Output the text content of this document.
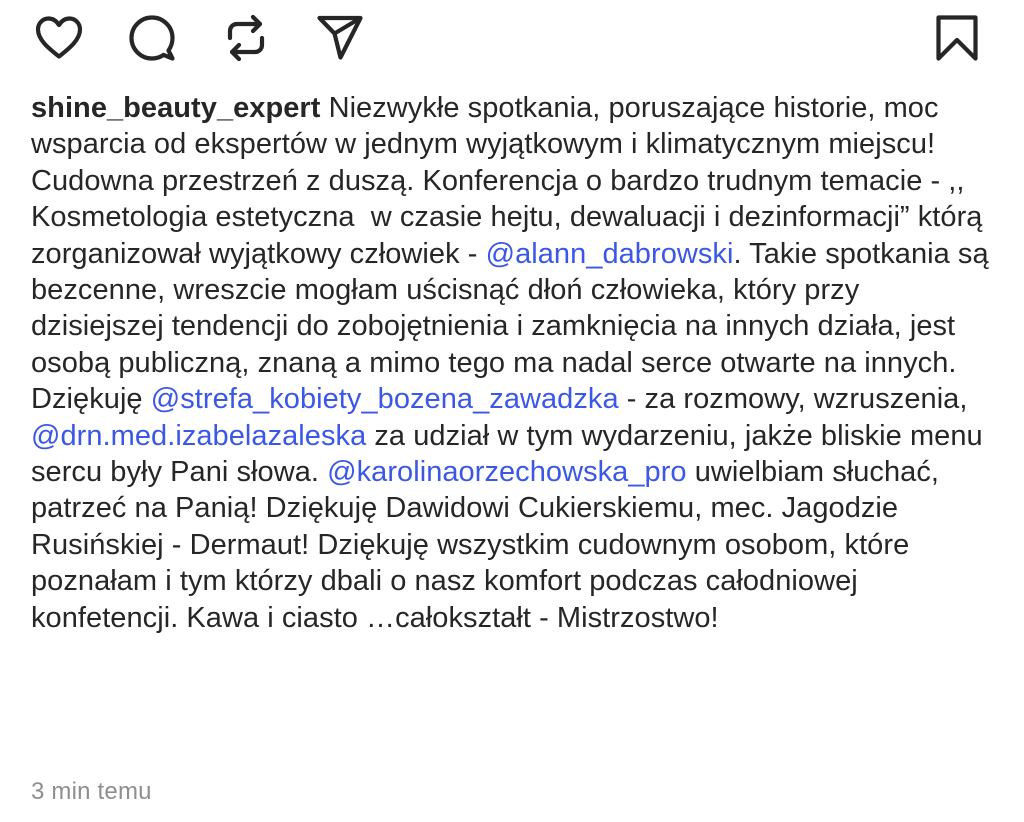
shine_beauty_expert Niezwykłe spotkania, poruszające historie, moc wsparcia od ekspertów w jednym wyjątkowym i klimatycznym miejscu! Cudowna przestrzeń z duszą. Konferencja o bardzo trudnym temacie - ,, Kosmetologia estetyczna  w czasie hejtu, dewaluacji i dezinformacji” którą zorganizował wyjątkowy człowiek - @alann_dabrowski. Takie spotkania są bezcenne, wreszcie mogłam uścisnąć dłoń człowieka, który przy dzisiejszej tendencji do zobojętnienia i zamknięcia na innych działa, jest osobą publiczną, znaną a mimo tego ma nadal serce otwarte na innych. Dziękuję @strefa_kobiety_bozena_zawadzka - za rozmowy, wzruszenia, @drn.med.izabelazaleska za udział w tym wydarzeniu, jakże bliskie menu sercu były Pani słowa. @karolinaorzechowska_pro uwielbiam słuchać, patrzeć na Panią! Dziękuję Dawidowi Cukierskiemu, mec. Jagodzie Rusińskiej - Dermaut! Dziękuję wszystkim cudownym osobom, które poznałam i tym którzy dbali o nasz komfort podczas całodniowej konfetencji. Kawa i ciasto …całokształt - Mistrzostwo!

3 min temu
